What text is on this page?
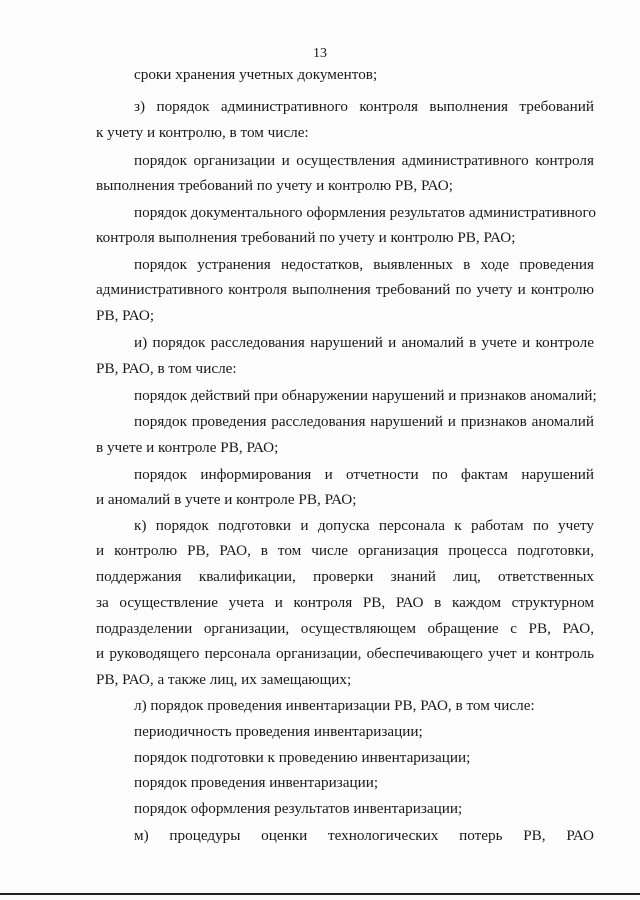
13
сроки хранения учетных документов;
з) порядок административного контроля выполнения требований
к учету и контролю, в том числе:
порядок организации и осуществления административного контроля
выполнения требований по учету и контролю РВ, РАО;
порядок документального оформления результатов административного
контроля выполнения требований по учету и контролю РВ, РАО;
порядок устранения недостатков, выявленных в ходе проведения
административного контроля выполнения требований по учету и контролю
РВ, РАО;
и) порядок расследования нарушений и аномалий в учете и контроле
РВ, РАО, в том числе:
порядок действий при обнаружении нарушений и признаков аномалий;
порядок проведения расследования нарушений и признаков аномалий
в учете и контроле РВ, РАО;
порядок информирования и отчетности по фактам нарушений
и аномалий в учете и контроле РВ, РАО;
к) порядок подготовки и допуска персонала к работам по учету
и контролю РВ, РАО, в том числе организация процесса подготовки,
поддержания квалификации, проверки знаний лиц, ответственных
за осуществление учета и контроля РВ, РАО в каждом структурном
подразделении организации, осуществляющем обращение с РВ, РАО,
и руководящего персонала организации, обеспечивающего учет и контроль
РВ, РАО, а также лиц, их замещающих;
л) порядок проведения инвентаризации РВ, РАО, в том числе:
периодичность проведения инвентаризации;
порядок подготовки к проведению инвентаризации;
порядок проведения инвентаризации;
порядок оформления результатов инвентаризации;
м) процедуры оценки технологических потерь РВ, РАО
